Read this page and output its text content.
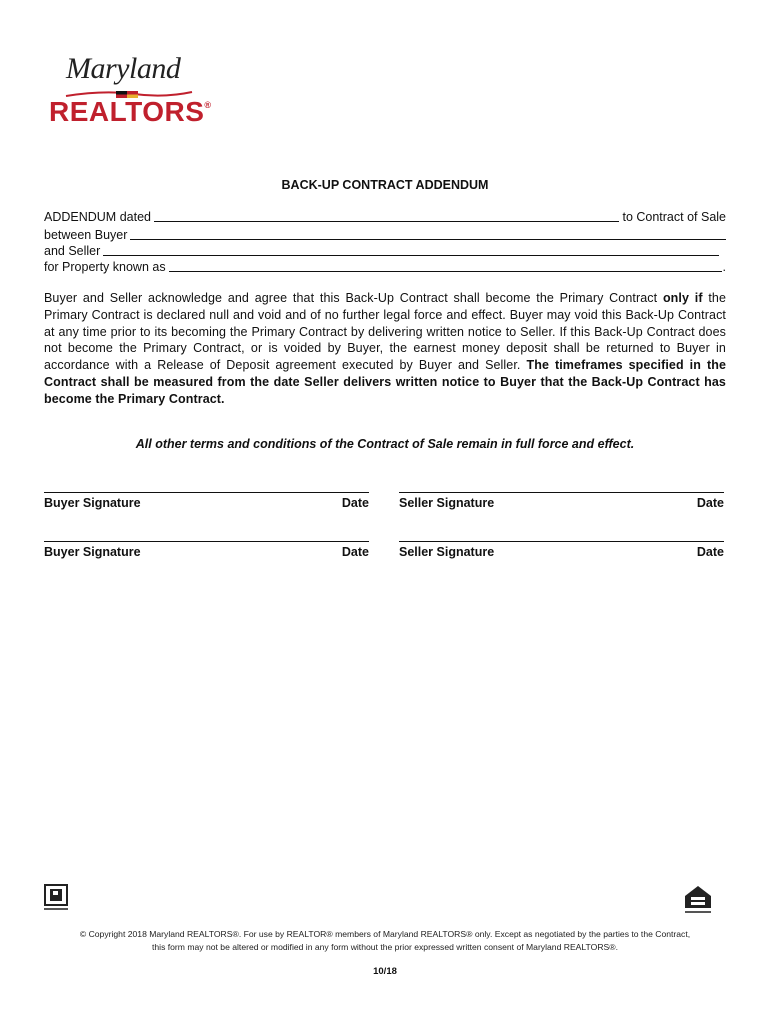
Maryland
REALTORS®
BACK-UP CONTRACT ADDENDUM
ADDENDUM dated	to Contract of Sale
between Buyer
and Seller
for Property known as	.
Buyer and Seller acknowledge and agree that this Back-Up Contract shall become the Primary Contract only if the Primary Contract is declared null and void and of no further legal force and effect. Buyer may void this Back-Up Contract at any time prior to its becoming the Primary Contract by delivering written notice to Seller. If this Back-Up Contract does not become the Primary Contract, or is voided by Buyer, the earnest money deposit shall be returned to Buyer in accordance with a Release of Deposit agreement executed by Buyer and Seller. The timeframes specified in the Contract shall be measured from the date Seller delivers written notice to Buyer that the Back-Up Contract has become the Primary Contract.
All other terms and conditions of the Contract of Sale remain in full force and effect.
Buyer Signature	Date Seller Signature	Date
Buyer Signature	Date Seller Signature	Date
© Copyright 2018 Maryland REALTORS®. For use by REALTOR® members of Maryland REALTORS® only. Except as negotiated by the parties to the Contract,
this form may not be altered or modified in any form without the prior expressed written consent of Maryland REALTORS®.
10/18
